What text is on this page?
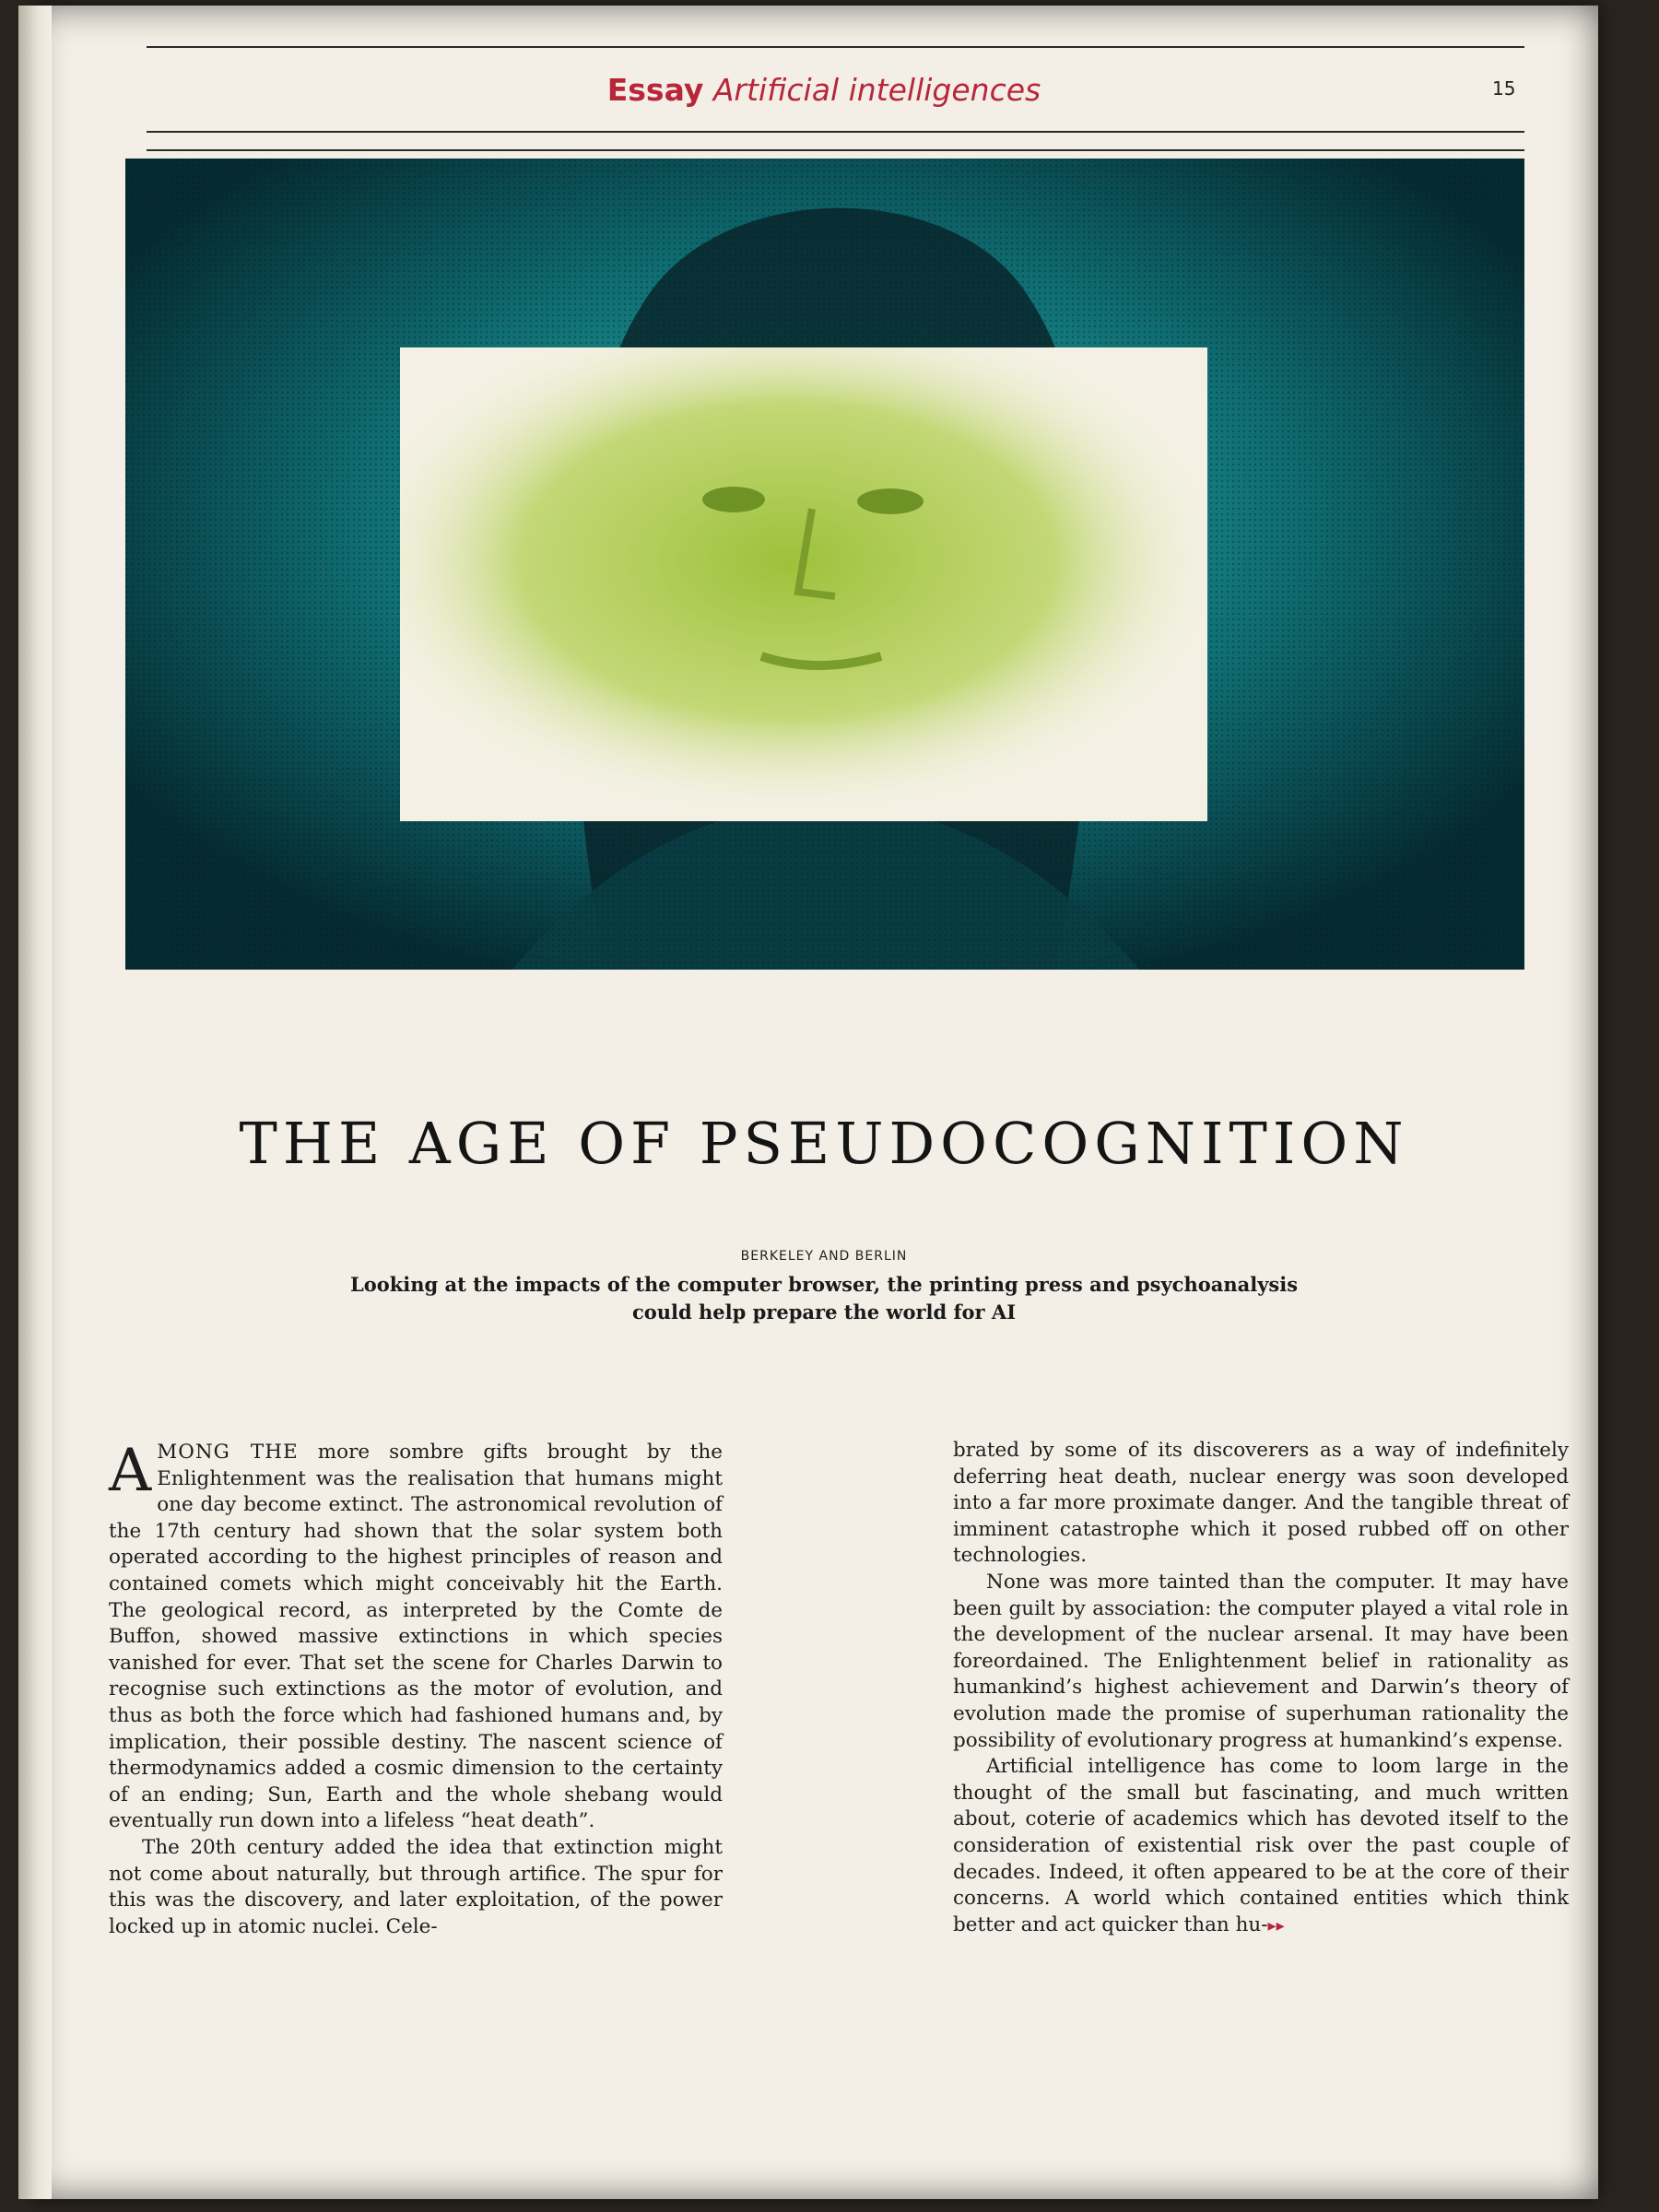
Essay Artificial intelligences	15
THE AGE OF PSEUDOCOGNITION
BERKELEY AND BERLIN
Looking at the impacts of the computer browser, the printing press and psychoanalysis
could help prepare the world for AI

AMONG THE more sombre gifts brought by the Enlightenment was the realisation that humans might one day become extinct. The astronomical revolution of the 17th century had shown that the solar system both operated according to the highest principles of reason and contained comets which might conceivably hit the Earth. The geological record, as interpreted by the Comte de Buffon, showed massive extinctions in which species vanished for ever. That set the scene for Charles Darwin to recognise such extinctions as the motor of evolution, and thus as both the force which had fashioned humans and, by implication, their possible destiny. The nascent science of thermodynamics added a cosmic dimension to the certainty of an ending; Sun, Earth and the whole shebang would eventually run down into a lifeless “heat death”.

The 20th century added the idea that extinction might not come about naturally, but through artifice. The spur for this was the discovery, and later exploitation, of the power locked up in atomic nuclei. Cele-

brated by some of its discoverers as a way of indefinitely deferring heat death, nuclear energy was soon developed into a far more proximate danger. And the tangible threat of imminent catastrophe which it posed rubbed off on other technologies.

None was more tainted than the computer. It may have been guilt by association: the computer played a vital role in the development of the nuclear arsenal. It may have been foreordained. The Enlightenment belief in rationality as humankind’s highest achievement and Darwin’s theory of evolution made the promise of superhuman rationality the possibility of evolutionary progress at humankind’s expense.

Artificial intelligence has come to loom large in the thought of the small but fascinating, and much written about, coterie of academics which has devoted itself to the consideration of existential risk over the past couple of decades. Indeed, it often appeared to be at the core of their concerns. A world which contained entities which think better and act quicker than hu-▸▸
